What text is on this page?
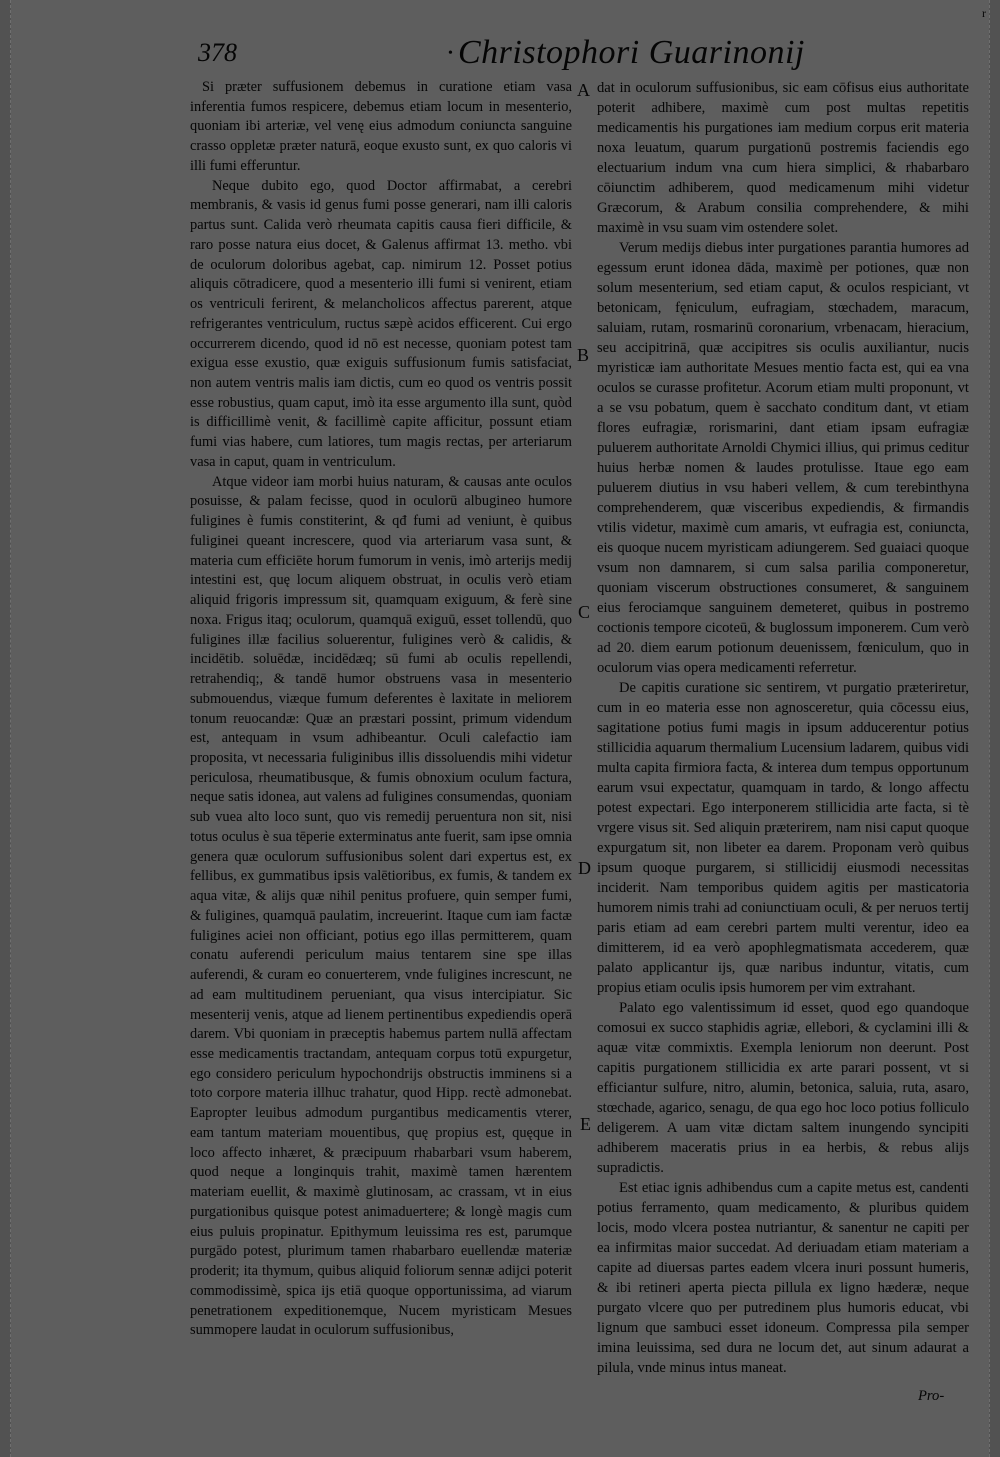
r
378	• Christophori Guarinonij

Si præter suffusionem debemus in curatione etiam vasa inferentia fumos respicere, debemus etiam locum in mesenterio, quoniam ibi arteriæ, vel venę eius admodum coniuncta sanguine crasso oppletæ præter naturā, eoque exusto sunt, ex quo caloris vi illi fumi efferuntur.

Neque dubito ego, quod Doctor affirmabat, a cerebri membranis, & vasis id genus fumi posse generari, nam illi caloris partus sunt. Calida verò rheumata capitis causa fieri difficile, & raro posse natura eius docet, & Galenus affirmat 13. metho. vbi de oculorum doloribus agebat, cap. nimirum 12. Posset potius aliquis cōtradicere, quod a mesenterio illi fumi si venirent, etiam os ventriculi ferirent, & melancholicos affectus parerent, atque refrigerantes ventriculum, ructus sæpè acidos efficerent. Cui ergo occurrerem dicendo, quod id nō est necesse, quoniam potest tam exigua esse exustio, quæ exiguis suffusionum fumis satisfaciat, non autem ventris malis iam dictis, cum eo quod os ventris possit esse robustius, quam caput, imò ita esse argumento illa sunt, quòd is difficillimè venit, & facillimè capite afficitur, possunt etiam fumi vias habere, cum latiores, tum magis rectas, per arteriarum vasa in caput, quam in ventriculum.

Atque videor iam morbi huius naturam, & causas ante oculos posuisse, & palam fecisse, quod in oculorū albugineo humore fuligines è fumis constiterint, & qđ fumi ad veniunt, è quibus fuliginei queant increscere, quod via arteriarum vasa sunt, & materia cum efficiēte horum fumorum in venis, imò arterijs medij intestini est, quę locum aliquem obstruat, in oculis verò etiam aliquid frigoris impressum sit, quamquam exiguum, & ferè sine noxa. Frigus itaq; oculorum, quamquā exiguū, esset tollendū, quo fuligines illæ facilius soluerentur, fuligines verò & calidis, & incidētib. soluēdæ, incidēdæq; sū fumi ab oculis repellendi, retrahendiq;, & tandē humor obstruens vasa in mesenterio submouendus, viæque fumum deferentes è laxitate in meliorem tonum reuocandæ: Quæ an præstari possint, primum videndum est, antequam in vsum adhibeantur. Oculi calefactio iam proposita, vt necessaria fuliginibus illis dissoluendis mihi videtur periculosa, rheumatibusque, & fumis obnoxium oculum factura, neque satis idonea, aut valens ad fuligines consumendas, quoniam sub vuea alto loco sunt, quo vis remedij peruentura non sit, nisi totus oculus è sua tēperie exterminatus ante fuerit, sam ipse omnia genera quæ oculorum suffusionibus solent dari expertus est, ex fellibus, ex gummatibus ipsis valētioribus, ex fumis, & tandem ex aqua vitæ, & alijs quæ nihil penitus profuere, quin semper fumi, & fuligines, quamquā paulatim, increuerint. Itaque cum iam factæ fuligines aciei non officiant, potius ego illas permitterem, quam conatu auferendi periculum maius tentarem sine spe illas auferendi, & curam eo conuerterem, vnde fuligines increscunt, ne ad eam multitudinem perueniant, qua visus intercipiatur. Sic mesenterij venis, atque ad lienem pertinentibus expediendis operā darem. Vbi quoniam in præceptis habemus partem nullā affectam esse medicamentis tractandam, antequam corpus totū expurgetur, ego considero periculum hypochondrijs obstructis imminens si a toto corpore materia illhuc trahatur, quod Hipp. rectè admonebat. Eapropter leuibus admodum purgantibus medicamentis vterer, eam tantum materiam mouentibus, quę propius est, quęque in loco affecto inhæret, & præcipuum rhabarbari vsum haberem, quod neque a longinquis trahit, maximè tamen hærentem materiam euellit, & maximè glutinosam, ac crassam, vt in eius purgationibus quisque potest animaduertere; & longè magis cum eius puluis propinatur. Epithymum leuissima res est, parumque purgādo potest, plurimum tamen rhabarbaro euellendæ materiæ proderit; ita thymum, quibus aliquid foliorum sennæ adijci poterit commodissimè, spica ijs etiā quoque opportunissima, ad viarum penetrationem expeditionemque, Nucem myristicam Mesues summopere laudat in oculorum suffusionibus,

A
B
C
D
E

dat in oculorum suffusionibus, sic eam cōfisus eius authoritate poterit adhibere, maximè cum post multas repetitis medicamentis his purgationes iam medium corpus erit materia noxa leuatum, quarum purgationū postremis faciendis ego electuarium indum vna cum hiera simplici, & rhabarbaro cōiunctim adhiberem, quod medicamenum mihi videtur Græcorum, & Arabum consilia comprehendere, & mihi maximè in vsu suam vim ostendere solet.

Verum medijs diebus inter purgationes parantia humores ad egessum erunt idonea dāda, maximè per potiones, quæ non solum mesenterium, sed etiam caput, & oculos respiciant, vt betonicam, fęniculum, eufragiam, stœchadem, maracum, saluiam, rutam, rosmarinū coronarium, vrbenacam, hieracium, seu accipitrinā, quæ accipitres sis oculis auxiliantur, nucis myristicæ iam authoritate Mesues mentio facta est, qui ea vna oculos se curasse profitetur. Acorum etiam multi proponunt, vt a se vsu pobatum, quem è sacchato conditum dant, vt etiam flores eufragiæ, rorismarini, dant etiam ipsam eufragiæ puluerem authoritate Arnoldi Chymici illius, qui primus ceditur huius herbæ nomen & laudes protulisse. Itaue ego eam puluerem diutius in vsu haberi vellem, & cum terebinthyna comprehenderem, quæ visceribus expediendis, & firmandis vtilis videtur, maximè cum amaris, vt eufragia est, coniuncta, eis quoque nucem myristicam adiungerem. Sed guaiaci quoque vsum non damnarem, si cum salsa parilia componeretur, quoniam viscerum obstructiones consumeret, & sanguinem eius ferociamque sanguinem demeteret, quibus in postremo coctionis tempore cicoteū, & buglossum imponerem. Cum verò ad 20. diem earum potionum deuenissem, fœniculum, quo in oculorum vias opera medicamenti referretur.

De capitis curatione sic sentirem, vt purgatio præteriretur, cum in eo materia esse non agnosceretur, quia cōcessu eius, sagitatione potius fumi magis in ipsum adducerentur potius stillicidia aquarum thermalium Lucensium ladarem, quibus vidi multa capita firmiora facta, & interea dum tempus opportunum earum vsui expectatur, quamquam in tardo, & longo affectu potest expectari. Ego interponerem stillicidia arte facta, si tè vrgere visus sit. Sed aliquin præterirem, nam nisi caput quoque expurgatum sit, non libeter ea darem. Proponam verò quibus ipsum quoque purgarem, si stillicidij eiusmodi necessitas inciderit. Nam temporibus quidem agitis per masticatoria humorem nimis trahi ad coniunctiuam oculi, & per neruos tertij paris etiam ad eam cerebri partem multi verentur, ideo ea dimitterem, id ea verò apophlegmatismata accederem, quæ palato applicantur ijs, quæ naribus induntur, vitatis, cum propius etiam oculis ipsis humorem per vim extrahant.

Palato ego valentissimum id esset, quod ego quandoque comosui ex succo staphidis agriæ, ellebori, & cyclamini illi & aquæ vitæ commixtis. Exempla leniorum non deerunt. Post capitis purgationem stillicidia ex arte parari possent, vt si efficiantur sulfure, nitro, alumin, betonica, saluia, ruta, asaro, stœchade, agarico, senagu, de qua ego hoc loco potius folliculo deligerem. A uam vitæ dictam saltem inungendo syncipiti adhiberem maceratis prius in ea herbis, & rebus alijs supradictis.

Est etiac ignis adhibendus cum a capite metus est, candenti potius ferramento, quam medicamento, & pluribus quidem locis, modo vlcera postea nutriantur, & sanentur ne capiti per ea infirmitas maior succedat. Ad deriuadam etiam materiam a capite ad diuersas partes eadem vlcera inuri possunt humeris, & ibi retineri aperta piecta pillula ex ligno hæderæ, neque purgato vlcere quo per putredinem plus humoris educat, vbi lignum que sambuci esset idoneum. Compressa pila semper imina leuissima, sed dura ne locum det, aut sinum adaurat a pilula, vnde minus intus maneat.

Pro-
